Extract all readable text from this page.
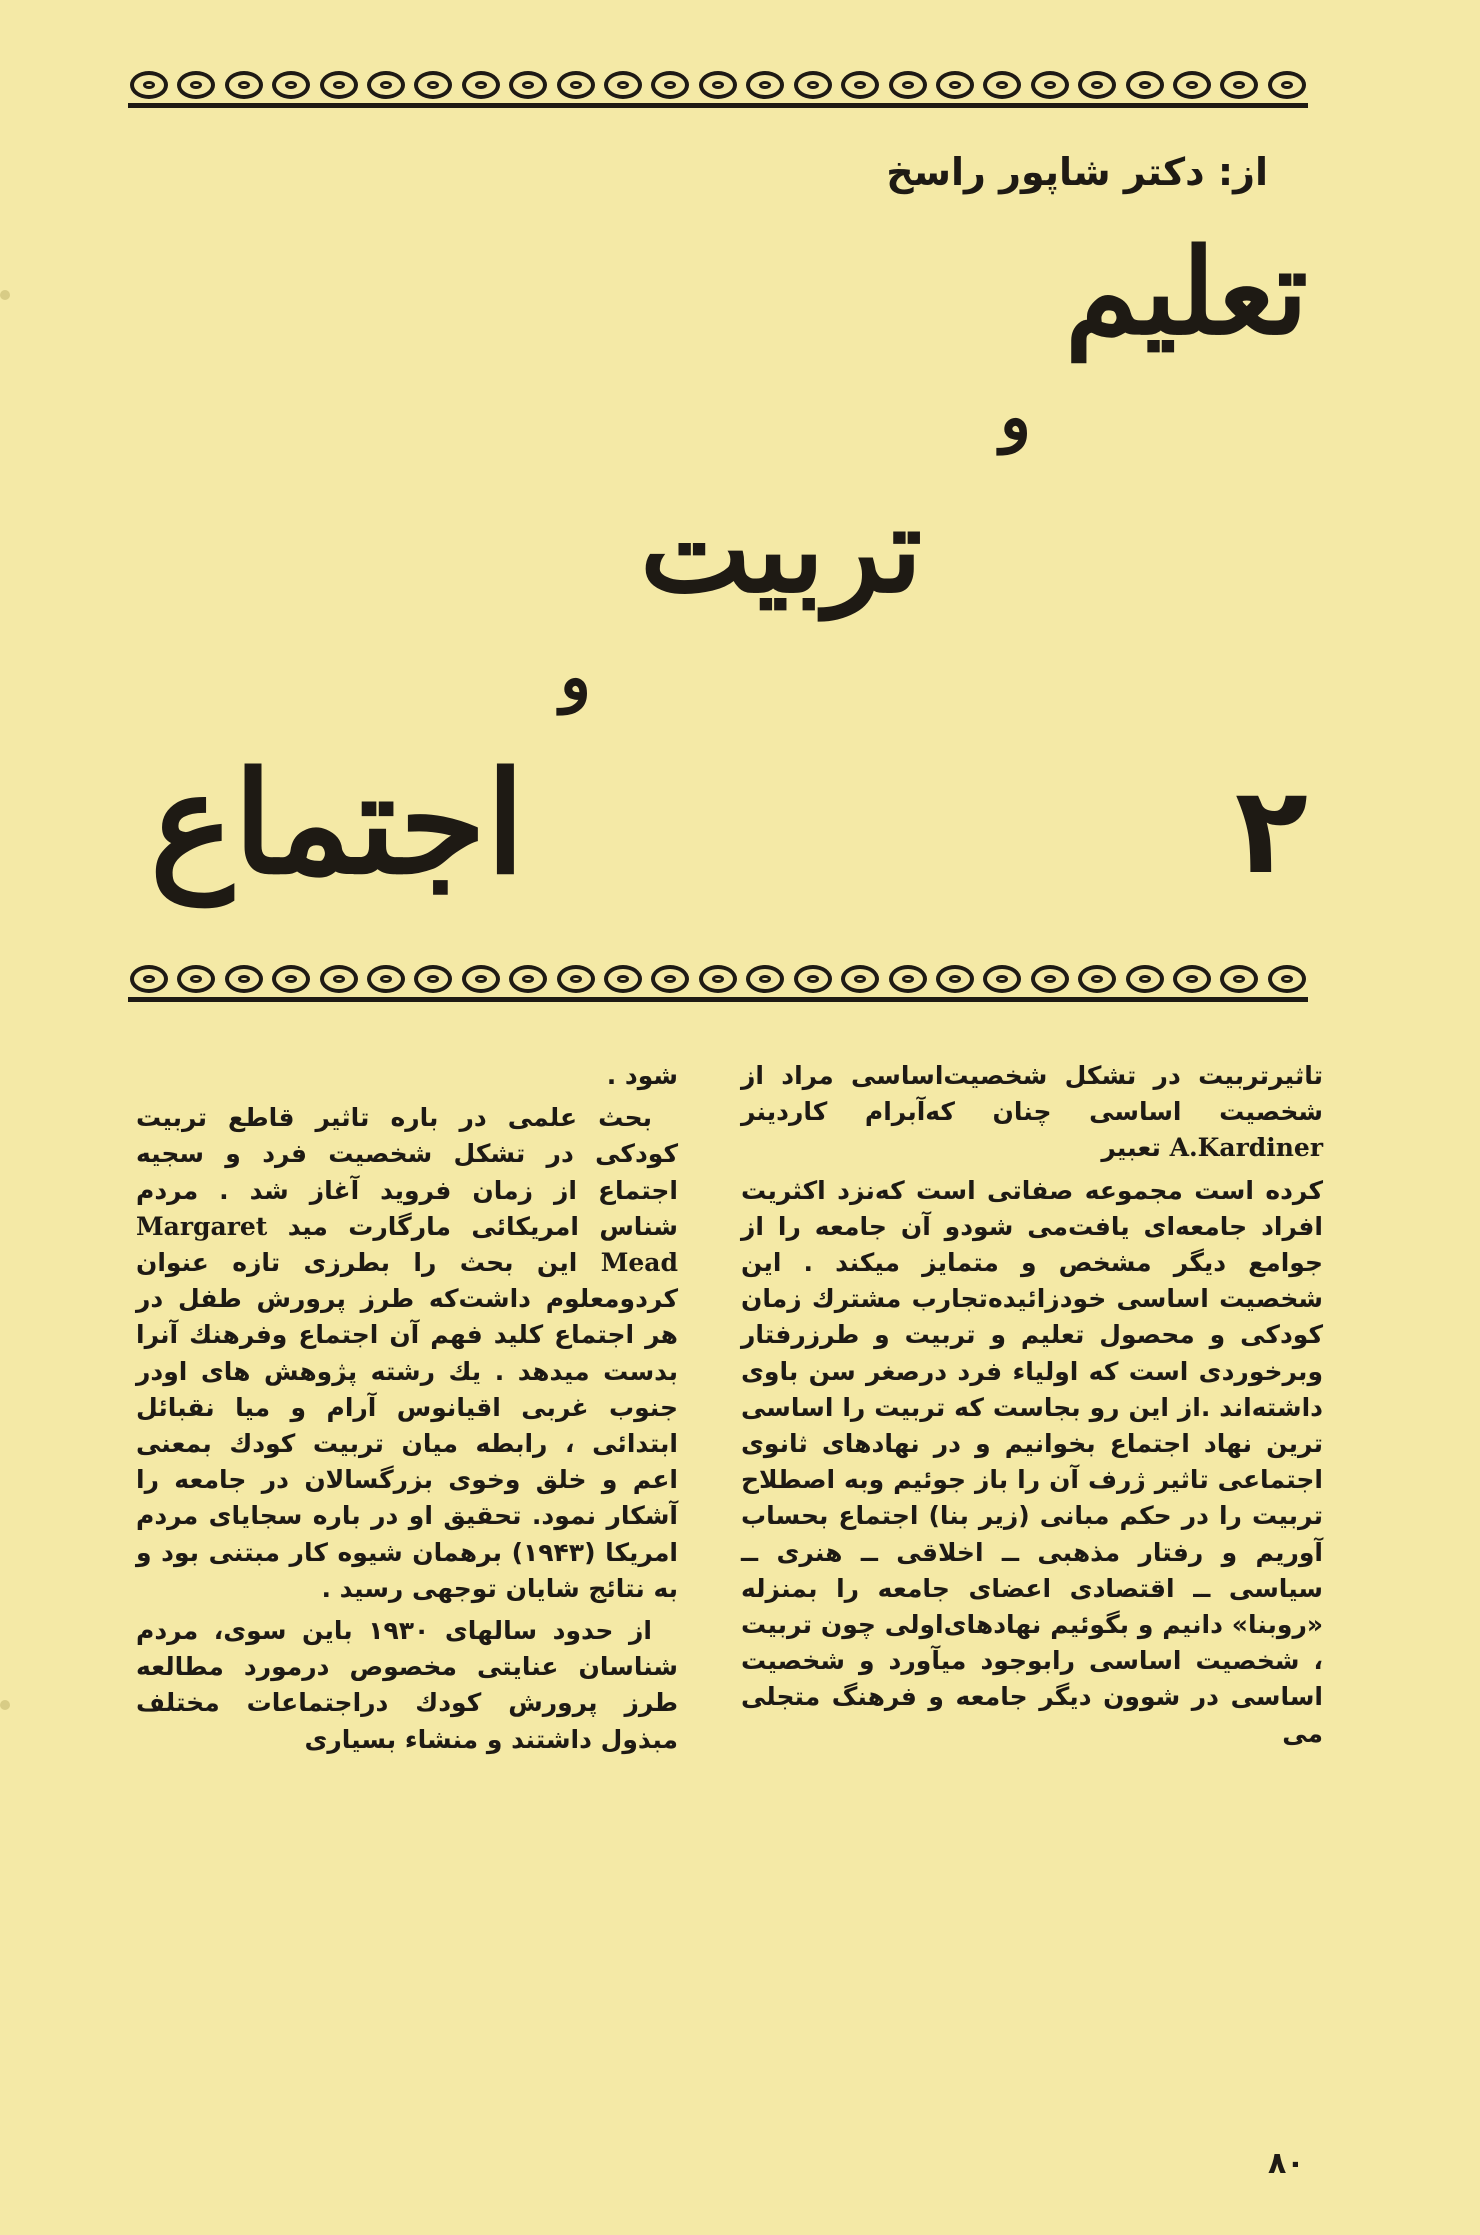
از: دکتر شاپور راسخ
تعلیم
و
تربیت
و
اجتماع	۲

تاثیرتربیت در تشکل شخصیت‌اساسی مراد از شخصیت اساسی چنان که‌آبرام کاردینر A.Kardiner تعبیر

کرده است مجموعه صفاتی است که‌نزد اکثریت افراد جامعه‌ای یافت‌می شودو آن جامعه را از جوامع دیگر مشخص و متمایز میکند . این شخصیت اساسی خودزائیده‌تجارب مشترك زمان کودکی و محصول تعلیم و تربیت و طرزرفتار وبرخوردی است که اولیاء فرد درصغر سن باوی داشته‌اند .از این رو بجاست که تربیت را اساسی ترین نهاد اجتماع بخوانیم و در نهادهای ثانوی اجتماعی تاثیر ژرف آن را باز جوئیم وبه اصطلاح تربیت را در حکم مبانی (زیر بنا) اجتماع بحساب آوریم و رفتار مذهبی ــ اخلاقی ــ هنری ــ سیاسی ــ اقتصادی اعضای جامعه را بمنزله «روبنا» دانیم و بگوئیم نهادهای‌اولی چون تربیت ، شخصیت اساسی رابوجود میآورد و شخصیت اساسی در شوون دیگر جامعه و فرهنگ متجلی می

شود .

بحث علمی در باره تاثیر قاطع تربیت کودکی در تشکل شخصیت فرد و سجیه اجتماع از زمان فروید آغاز شد . مردم شناس امریکائی مارگارت مید Margaret Mead این بحث را بطرزی تازه عنوان کردومعلوم داشت‌که طرز پرورش طفل در هر اجتماع کلید فهم آن اجتماع وفرهنك آنرا بدست میدهد . یك رشته پژوهش های اودر جنوب غربی اقیانوس آرام و میا نقبائل ابتدائی ، رابطه میان تربیت کودك بمعنی اعم و خلق وخوی بزرگسالان در جامعه را آشکار نمود. تحقیق او در باره سجایای مردم امریکا (۱۹۴۳) برهمان شیوه کار مبتنی بود و به نتائج شایان توجهی رسید .

از حدود سالهای ۱۹۳۰ باین سوی، مردم شناسان عنایتی مخصوص درمورد مطالعه طرز پرورش کودك دراجتماعات مختلف مبذول داشتند و منشاء بسیاری

۸۰
